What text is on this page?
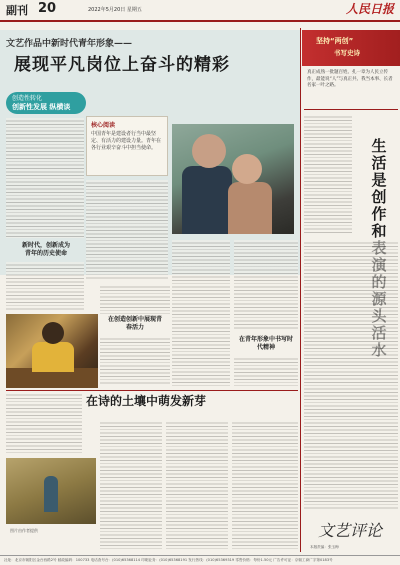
副刊 20	2022年5月20日 星期五	人民日报
文艺作品中新时代青年形象——
展现平凡岗位上奋斗的精彩
创造性转化
创新性发展 纵横谈
核心阅读
中国青年是建设者行当中最坚定、有活力的建设力量。青年在各行业艰辛奋斗中担当使命。
新时代，创新成为
青年的历史使命
在创造创新中展现青
春活力
在青年形象中书写时
代精神
在诗的土壤中萌发新芽
图片由作者提供
坚持“两创”
书写史诗
真正成熟一批题百姓、扎一章为人民立传作，最能说“人”与真正共、我当本事、长者名家一叶之路。
生活是创作和
文艺评论
本版责编：张玉梅
社址：北京市朝阳区金台西路2号 邮政编码：100733 电话查号台：(010)65368114 印刷业务：(010)65368191 发行热线：(010)65369319 零售价格：每份1.50元 广告许可证：京朝工商广字第0183号
